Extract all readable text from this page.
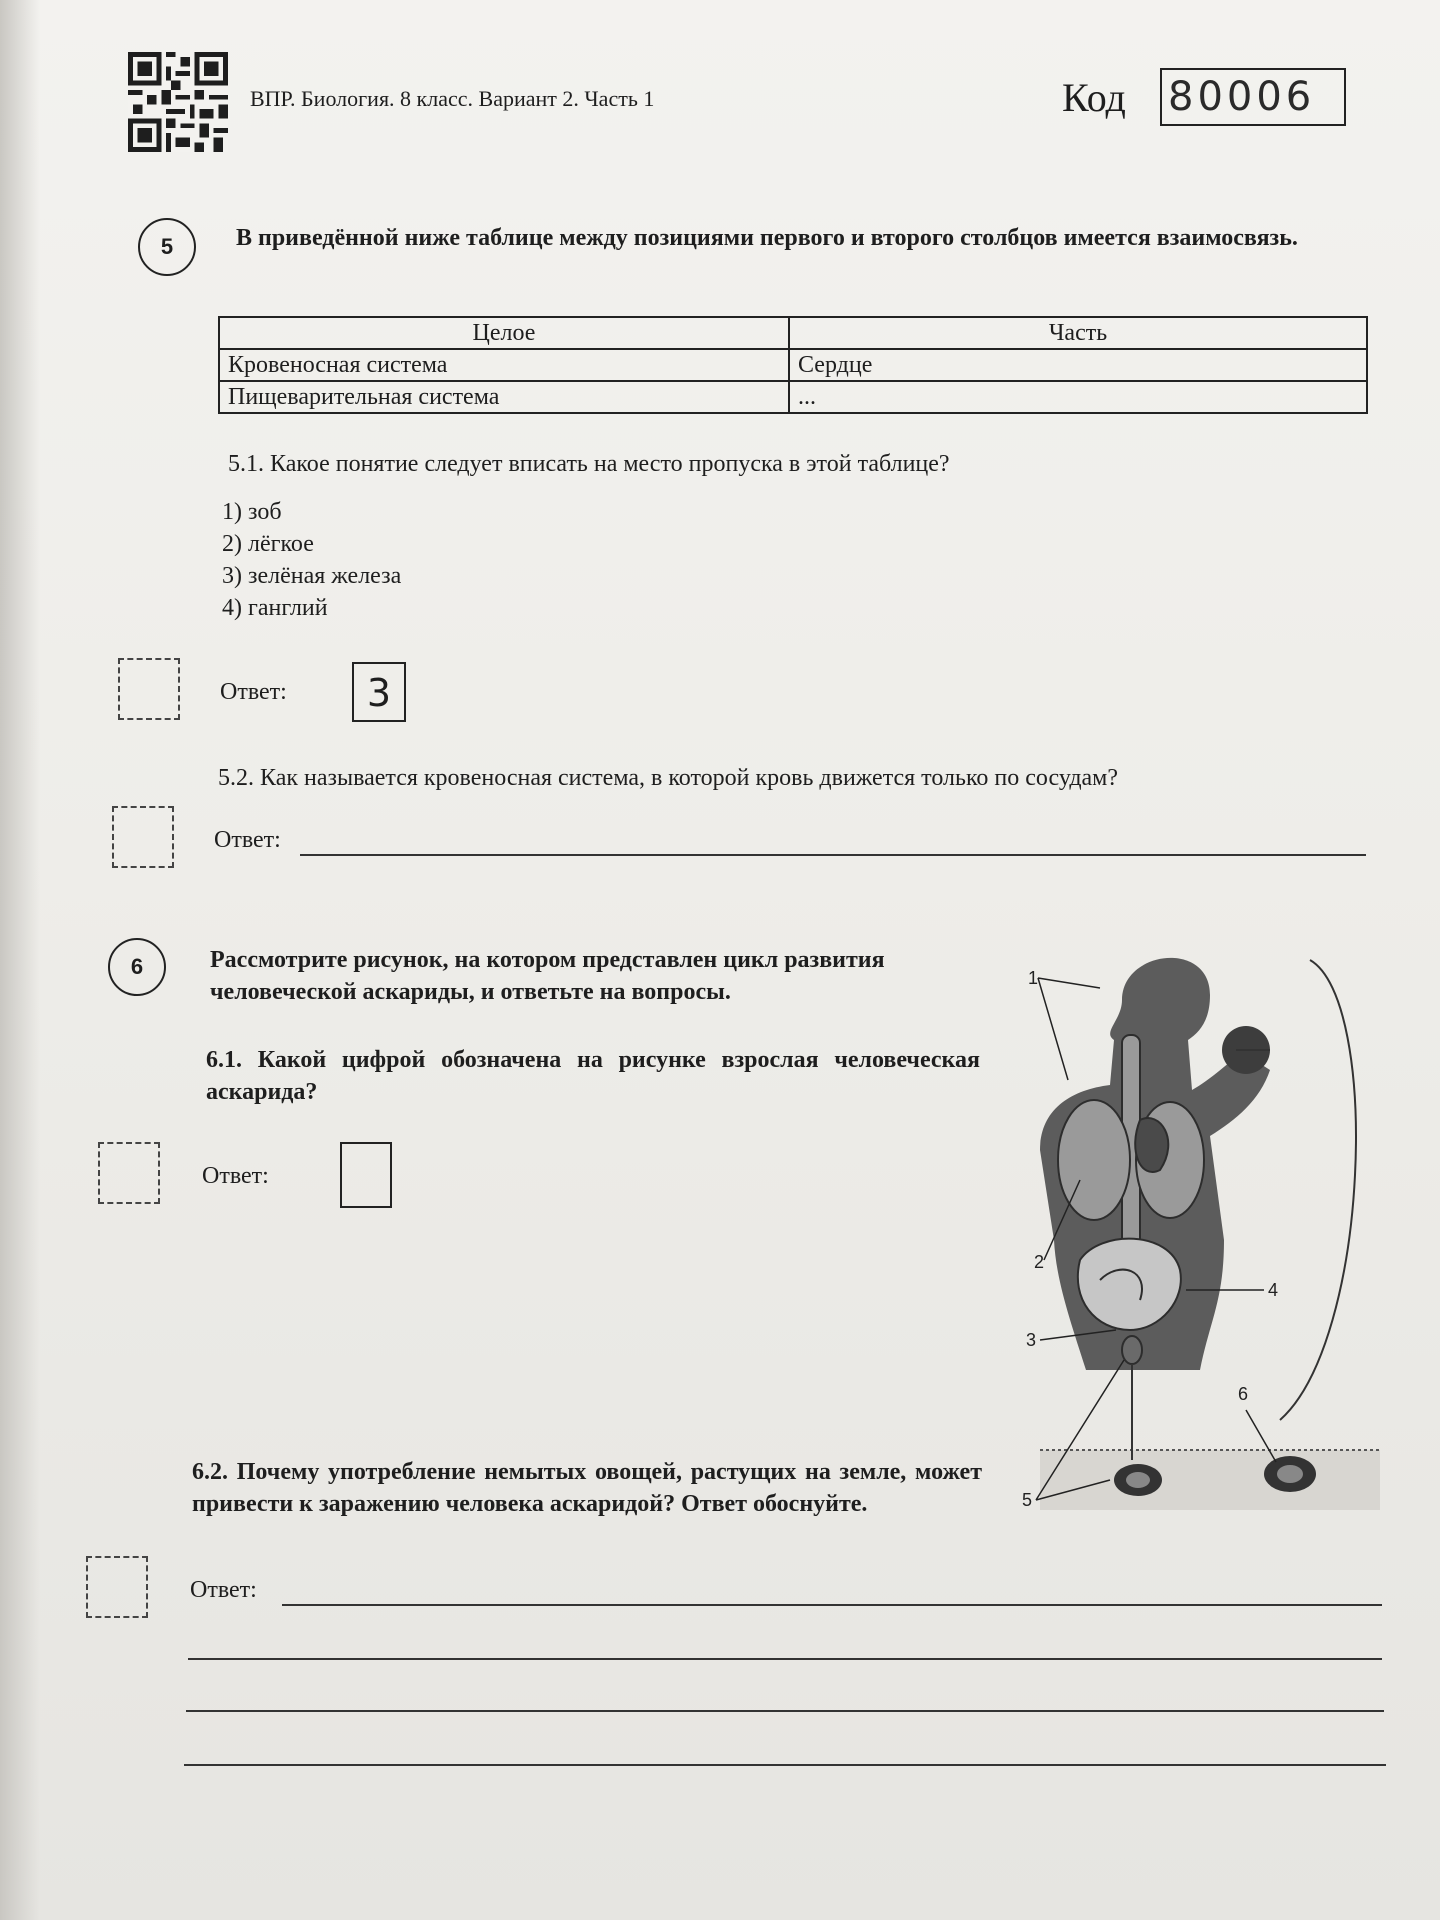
ВПР. Биология. 8 класс. Вариант 2. Часть 1	Код 80006
5	В приведённой ниже таблице между позициями первого и второго столбцов имеется взаимосвязь.
Целое	Часть
Кровеносная система	Сердце
Пищеварительная система	...
5.1. Какое понятие следует вписать на место пропуска в этой таблице?
1) зоб
2) лёгкое
3) зелёная железа
4) ганглий
Ответ:	3
5.2. Как называется кровеносная система, в которой кровь движется только по сосудам?
Ответ:
6	Рассмотрите рисунок, на котором представлен цикл развития человеческой аскариды, и ответьте на вопросы.
6.1. Какой цифрой обозначена на рисунке взрослая человеческая аскарида?
Ответ:
6.2. Почему употребление немытых овощей, растущих на земле, может привести к заражению человека аскаридой? Ответ обоснуйте.
Ответ:
1
2
3
4
5
6
